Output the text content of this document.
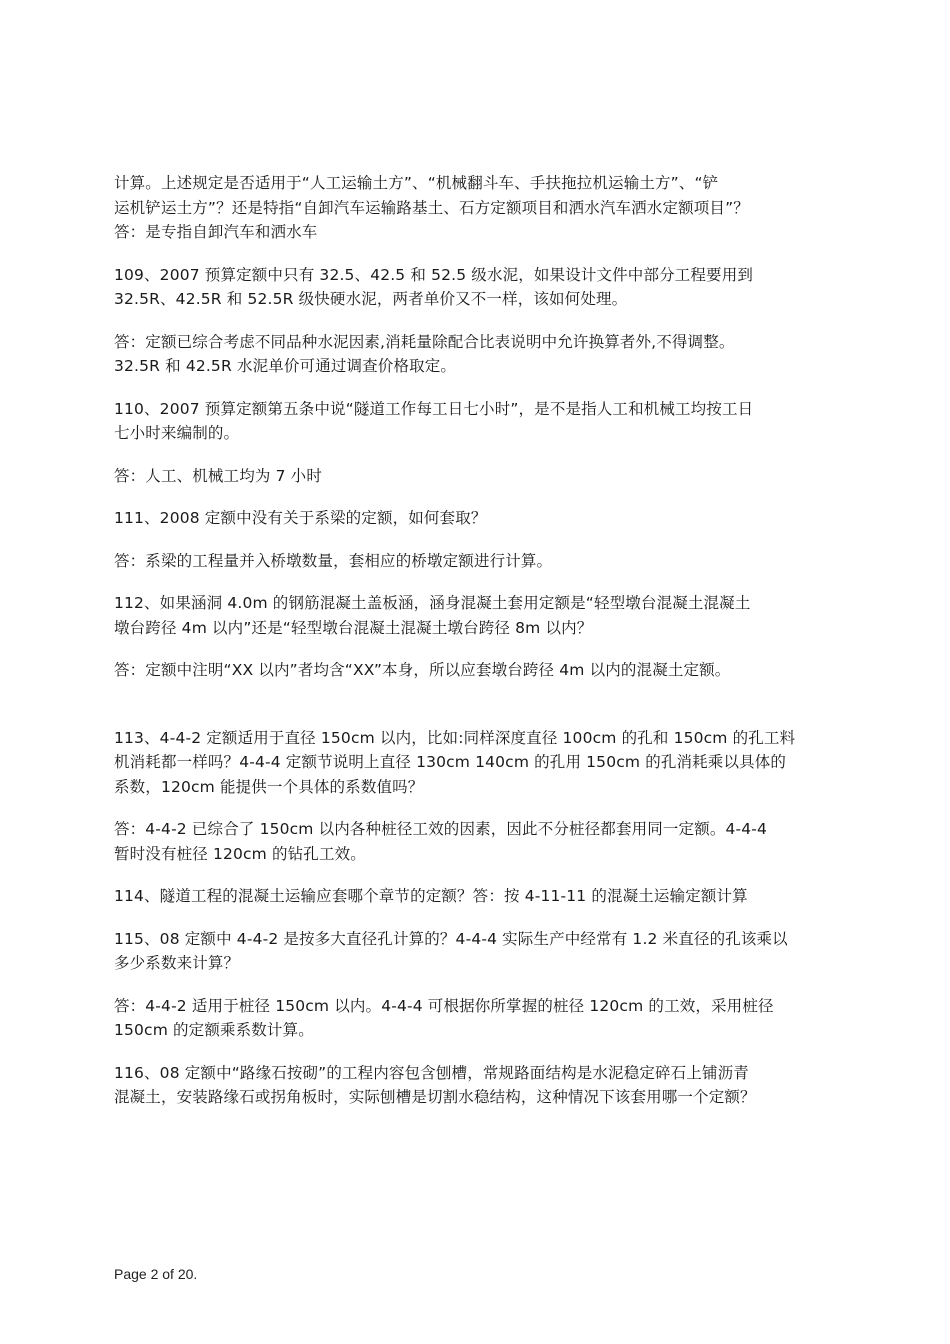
计算。上述规定是否适用于“人工运输土方”、“机械翻斗车、手扶拖拉机运输土方”、“铲
运机铲运土方”？还是特指“自卸汽车运输路基土、石方定额项目和洒水汽车洒水定额项目”？
答：是专指自卸汽车和洒水车

109、2007 预算定额中只有 32.5、42.5 和 52.5 级水泥，如果设计文件中部分工程要用到
32.5R、42.5R 和 52.5R 级快硬水泥，两者单价又不一样，该如何处理。

答：定额已综合考虑不同品种水泥因素,消耗量除配合比表说明中允许换算者外,不得调整。
32.5R 和 42.5R 水泥单价可通过调查价格取定。

110、2007 预算定额第五条中说“隧道工作每工日七小时”，是不是指人工和机械工均按工日
七小时来编制的。

答：人工、机械工均为 7 小时

111、2008 定额中没有关于系梁的定额，如何套取？

答：系梁的工程量并入桥墩数量，套相应的桥墩定额进行计算。

112、如果涵洞 4.0m 的钢筋混凝土盖板涵，涵身混凝土套用定额是“轻型墩台混凝土混凝土
墩台跨径 4m 以内”还是“轻型墩台混凝土混凝土墩台跨径 8m 以内？

答：定额中注明“XX 以内”者均含“XX”本身，所以应套墩台跨径 4m 以内的混凝土定额。

113、4-4-2 定额适用于直径 150cm 以内，比如:同样深度直径 100cm 的孔和 150cm 的孔工料
机消耗都一样吗？4-4-4 定额节说明上直径 130cm 140cm 的孔用 150cm 的孔消耗乘以具体的
系数，120cm 能提供一个具体的系数值吗？

答：4-4-2 已综合了 150cm 以内各种桩径工效的因素，因此不分桩径都套用同一定额。4-4-4
暂时没有桩径 120cm 的钻孔工效。

114、隧道工程的混凝土运输应套哪个章节的定额？答：按 4-11-11 的混凝土运输定额计算

115、08 定额中 4-4-2 是按多大直径孔计算的？4-4-4 实际生产中经常有 1.2 米直径的孔该乘以
多少系数来计算？

答：4-4-2 适用于桩径 150cm 以内。4-4-4 可根据你所掌握的桩径 120cm 的工效，采用桩径
150cm 的定额乘系数计算。

116、08 定额中“路缘石按砌”的工程内容包含刨槽，常规路面结构是水泥稳定碎石上铺沥青
混凝土，安装路缘石或拐角板时，实际刨槽是切割水稳结构，这种情况下该套用哪一个定额？

Page 2 of 20.
